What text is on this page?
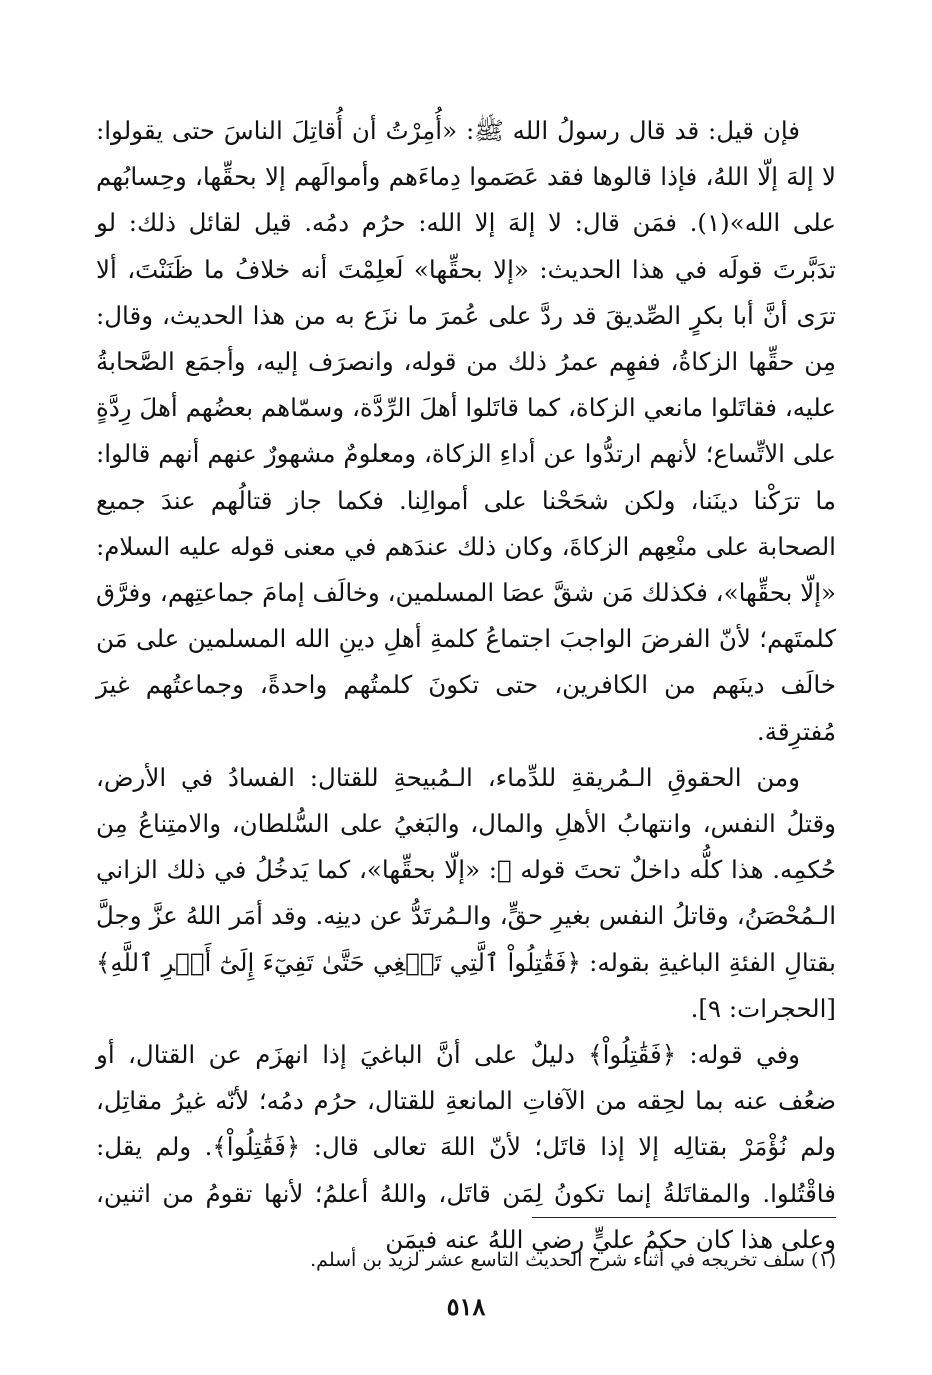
فإن قيل: قد قال رسولُ الله ﷺ: «أُمِرْتُ أن أُقاتِلَ الناسَ حتى يقولوا: لا إلهَ إلّا اللهُ، فإذا قالوها فقد عَصَموا دِماءَهم وأموالَهم إلا بحقِّها، وحِسابُهم على الله»(١). فمَن قال: لا إلهَ إلا الله: حرُم دمُه. قيل لقائل ذلك: لو تدَبَّرتَ قولَه في هذا الحديث: «إلا بحقِّها» لَعلِمْتَ أنه خلافُ ما ظَنَنْتَ، ألا ترَى أنَّ أبا بكرٍ الصِّديقَ قد ردَّ على عُمرَ ما نزَع به من هذا الحديث، وقال: مِن حقِّها الزكاةُ، ففهِم عمرُ ذلك من قوله، وانصرَف إليه، وأجمَع الصَّحابةُ عليه، فقاتَلوا مانعي الزكاة، كما قاتَلوا أهلَ الرِّدَّة، وسمّاهم بعضُهم أهلَ رِدَّةٍ على الاتِّساع؛ لأنهم ارتدُّوا عن أداءِ الزكاة، ومعلومٌ مشهورٌ عنهم أنهم قالوا: ما ترَكْنا دينَنا، ولكن شحَحْنا على أموالِنا. فكما جاز قتالُهم عندَ جميع الصحابة على منْعِهم الزكاةَ، وكان ذلك عندَهم في معنى قوله عليه السلام: «إلّا بحقِّها»، فكذلك مَن شقَّ عصَا المسلمين، وخالَف إمامَ جماعتِهم، وفرَّق كلمتَهم؛ لأنّ الفرضَ الواجبَ اجتماعُ كلمةِ أهلِ دينِ الله المسلمين على مَن خالَف دينَهم من الكافرين، حتى تكونَ كلمتُهم واحدةً، وجماعتُهم غيرَ مُفترِقة.

ومن الحقوقِ الـمُريقةِ للدِّماء، الـمُبيحةِ للقتال: الفسادُ في الأرض، وقتلُ النفس، وانتهابُ الأهلِ والمال، والبَغيُ على السُّلطان، والامتِناعُ مِن حُكمِه. هذا كلُّه داخلٌ تحتَ قوله ﷺ: «إلّا بحقِّها»، كما يَدخُلُ في ذلك الزاني الـمُحْصَنُ، وقاتلُ النفس بغيرِ حقٍّ، والـمُرتَدُّ عن دينِه. وقد أمَر اللهُ عزَّ وجلَّ بقتالِ الفئةِ الباغيةِ بقوله: ﴿فَقَٰتِلُواْ ٱلَّتِي تَبۡغِي حَتَّىٰ تَفِيٓءَ إِلَىٰٓ أَمۡرِ ٱللَّهِ﴾ [الحجرات: ٩].

وفي قوله: ﴿فَقَٰتِلُواْ﴾ دليلٌ على أنَّ الباغيَ إذا انهزَم عن القتال، أو ضعُف عنه بما لحِقه من الآفاتِ المانعةِ للقتال، حرُم دمُه؛ لأنّه غيرُ مقاتِل، ولم نُؤْمَرْ بقتالِه إلا إذا قاتَل؛ لأنّ اللهَ تعالى قال: ﴿فَقَٰتِلُواْ﴾. ولم يقل: فاقْتُلوا. والمقاتَلةُ إنما تكونُ لِمَن قاتَل، واللهُ أعلمُ؛ لأنها تقومُ من اثنين، وعلى هذا كان حكمُ عليٍّ رضي اللهُ عنه فيمَن

(١) سلف تخريجه في أثناء شرح الحديث التاسع عشر لزيد بن أسلم.

٥١٨
